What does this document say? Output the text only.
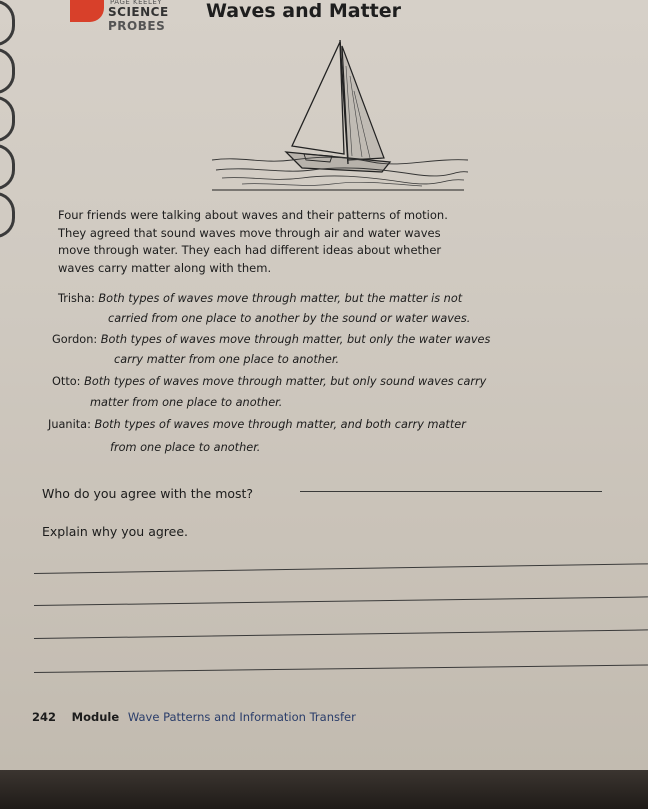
PAGE KEELEY
SCIENCE
PROBES
Waves and Matter
Four friends were talking about waves and their patterns of motion.
They agreed that sound waves move through air and water waves
move through water. They each had different ideas about whether
waves carry matter along with them.
Trisha: Both types of waves move through matter, but the matter is not
carried from one place to another by the sound or water waves.
Gordon: Both types of waves move through matter, but only the water waves
carry matter from one place to another.
Otto: Both types of waves move through matter, but only sound waves carry
matter from one place to another.
Juanita: Both types of waves move through matter, and both carry matter
from one place to another.
Who do you agree with the most?
Explain why you agree.
242 Module Wave Patterns and Information Transfer
